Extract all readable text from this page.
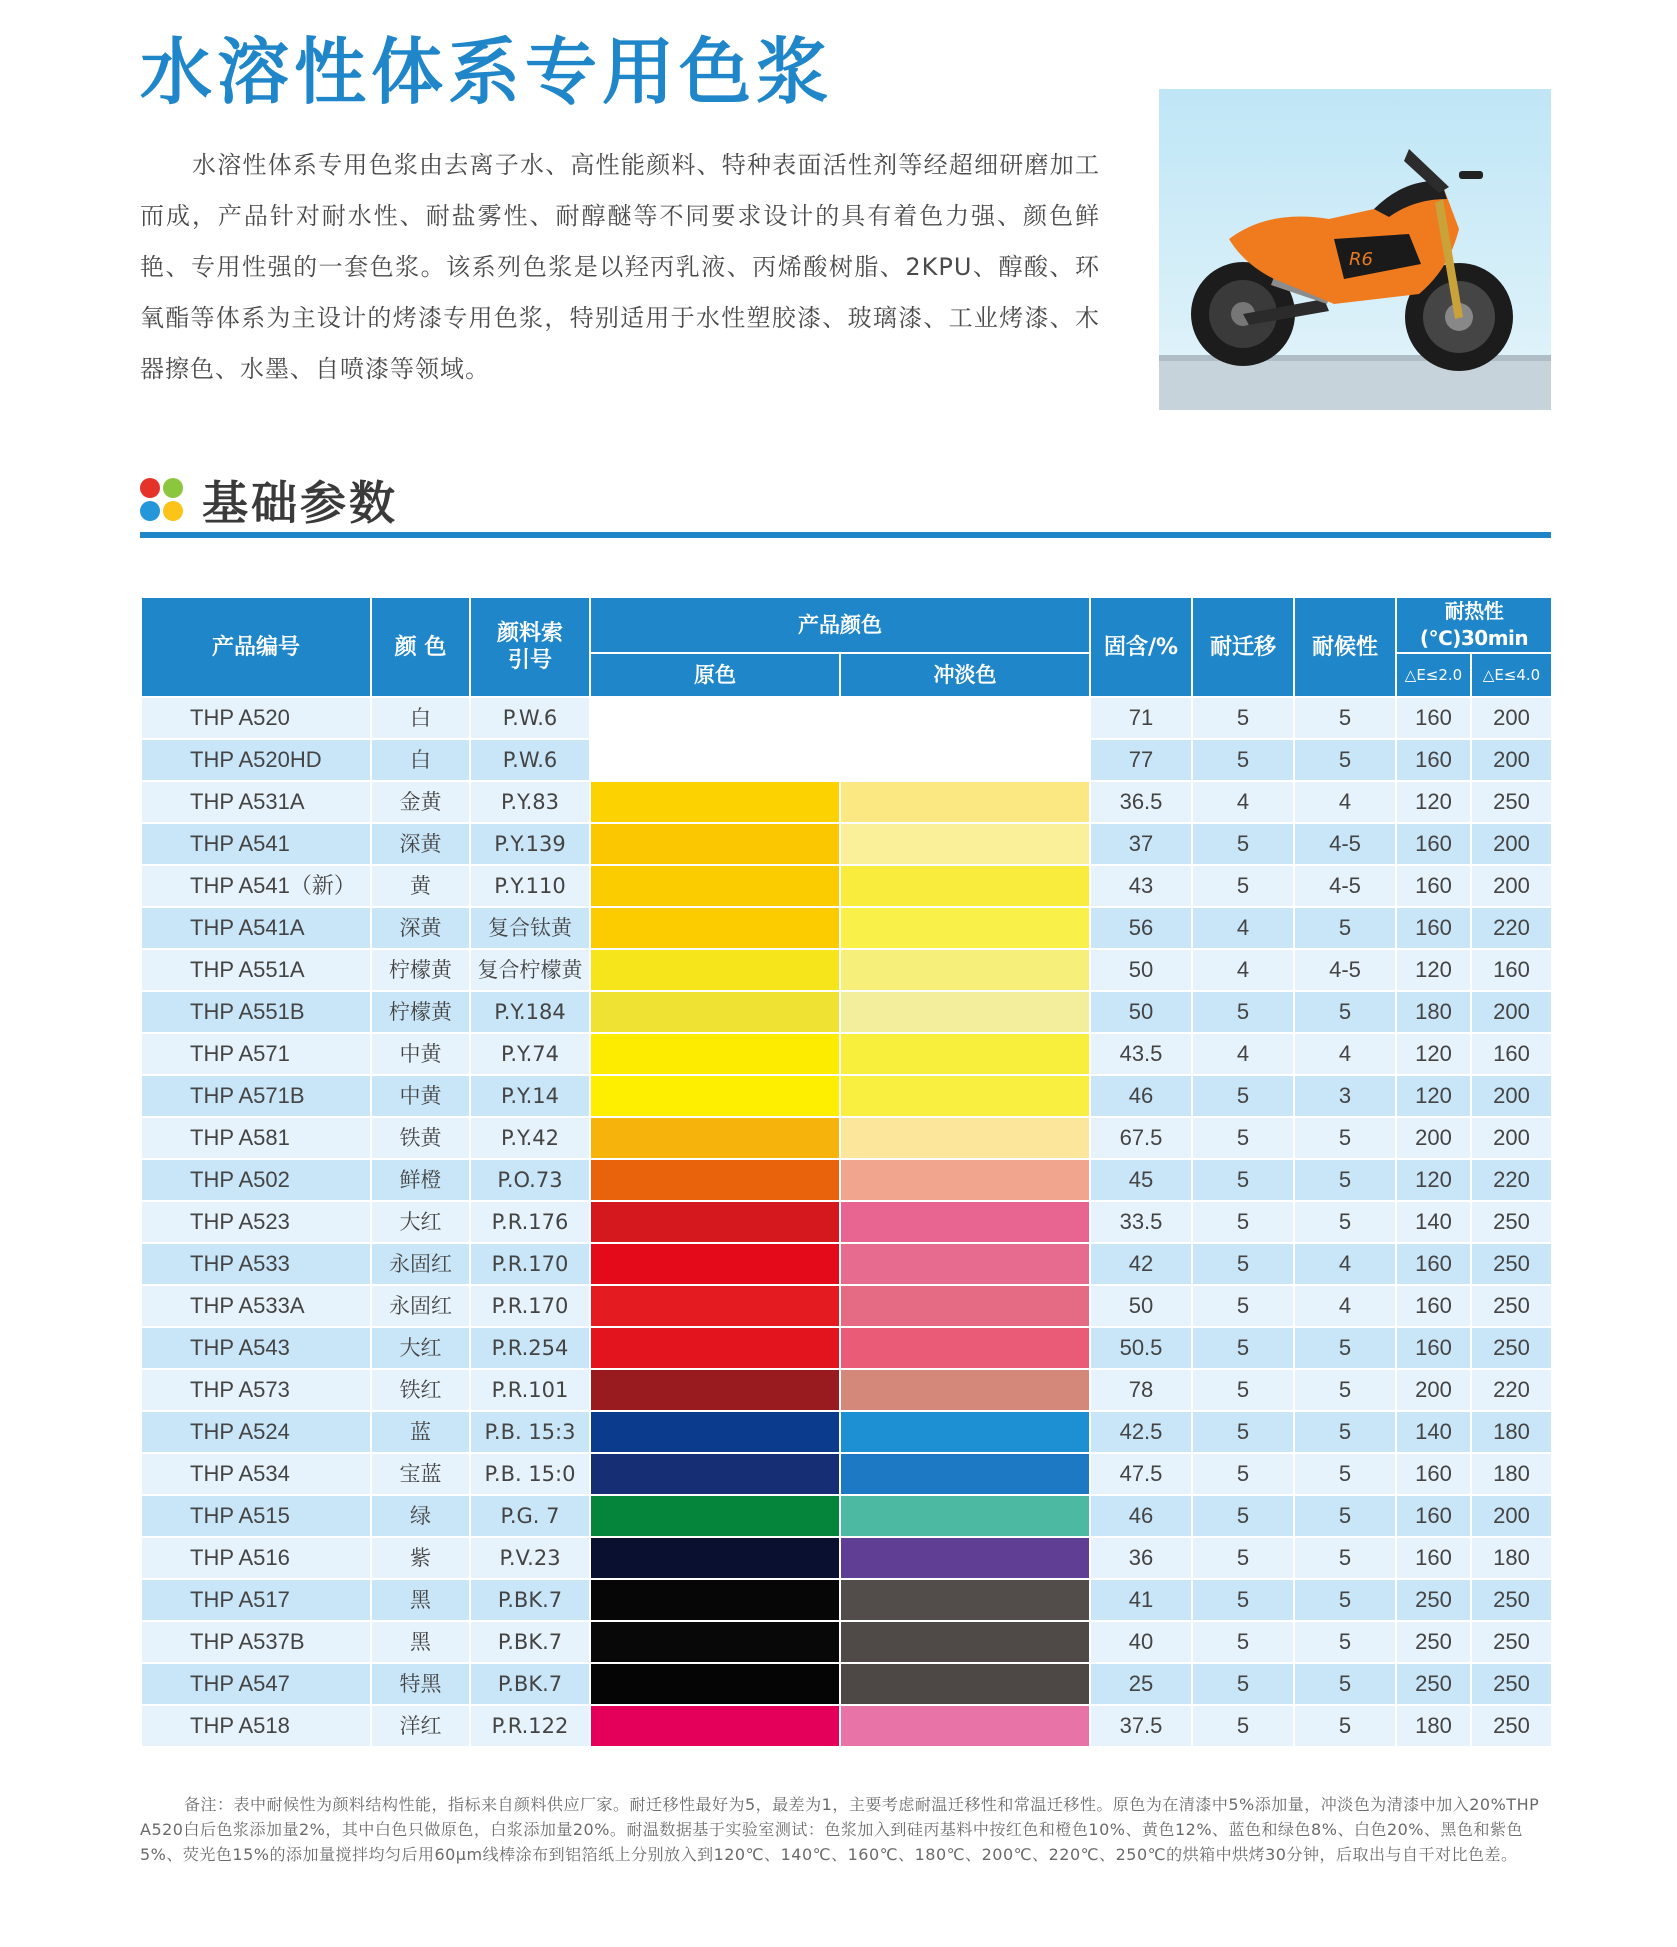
水溶性体系专用色浆

水溶性体系专用色浆由去离子水、高性能颜料、特种表面活性剂等经超细研磨加工而成，产品针对耐水性、耐盐雾性、耐醇醚等不同要求设计的具有着色力强、颜色鲜艳、专用性强的一套色浆。该系列色浆是以羟丙乳液、丙烯酸树脂、2KPU、醇酸、环氧酯等体系为主设计的烤漆专用色浆，特别适用于水性塑胶漆、玻璃漆、工业烤漆、木器擦色、水墨、自喷漆等领域。

R6
基础参数
产品编号	颜 色	颜料索引号	产品颜色		固含/%	耐迁移	耐候性	耐热性(℃)30min	
			原色	冲淡色				△E≤2.0	△E≤4.0
THP A520	白	P.W.6			71	5	5	160	200
THP A520HD	白	P.W.6			77	5	5	160	200
THP A531A	金黄	P.Y.83			36.5	4	4	120	250
THP A541	深黄	P.Y.139			37	5	4-5	160	200
THP A541（新）	黄	P.Y.110			43	5	4-5	160	200
THP A541A	深黄	复合钛黄			56	4	5	160	220
THP A551A	柠檬黄	复合柠檬黄			50	4	4-5	120	160
THP A551B	柠檬黄	P.Y.184			50	5	5	180	200
THP A571	中黄	P.Y.74			43.5	4	4	120	160
THP A571B	中黄	P.Y.14			46	5	3	120	200
THP A581	铁黄	P.Y.42			67.5	5	5	200	200
THP A502	鲜橙	P.O.73			45	5	5	120	220
THP A523	大红	P.R.176			33.5	5	5	140	250
THP A533	永固红	P.R.170			42	5	4	160	250
THP A533A	永固红	P.R.170			50	5	4	160	250
THP A543	大红	P.R.254			50.5	5	5	160	250
THP A573	铁红	P.R.101			78	5	5	200	220
THP A524	蓝	P.B. 15:3			42.5	5	5	140	180
THP A534	宝蓝	P.B. 15:0			47.5	5	5	160	180
THP A515	绿	P.G. 7			46	5	5	160	200
THP A516	紫	P.V.23			36	5	5	160	180
THP A517	黑	P.BK.7			41	5	5	250	250
THP A537B	黑	P.BK.7			40	5	5	250	250
THP A547	特黑	P.BK.7			25	5	5	250	250
THP A518	洋红	P.R.122			37.5	5	5	180	250

备注：表中耐候性为颜料结构性能，指标来自颜料供应厂家。耐迁移性最好为5，最差为1，主要考虑耐温迁移性和常温迁移性。原色为在清漆中5%添加量，冲淡色为清漆中加入20%THP A520白后色浆添加量2%，其中白色只做原色，白浆添加量20%。耐温数据基于实验室测试：色浆加入到硅丙基料中按红色和橙色10%、黄色12%、蓝色和绿色8%、白色20%、黑色和紫色5%、荧光色15%的添加量搅拌均匀后用60μm线棒涂布到铝箔纸上分别放入到120℃、140℃、160℃、180℃、200℃、220℃、250℃的烘箱中烘烤30分钟，后取出与自干对比色差。
